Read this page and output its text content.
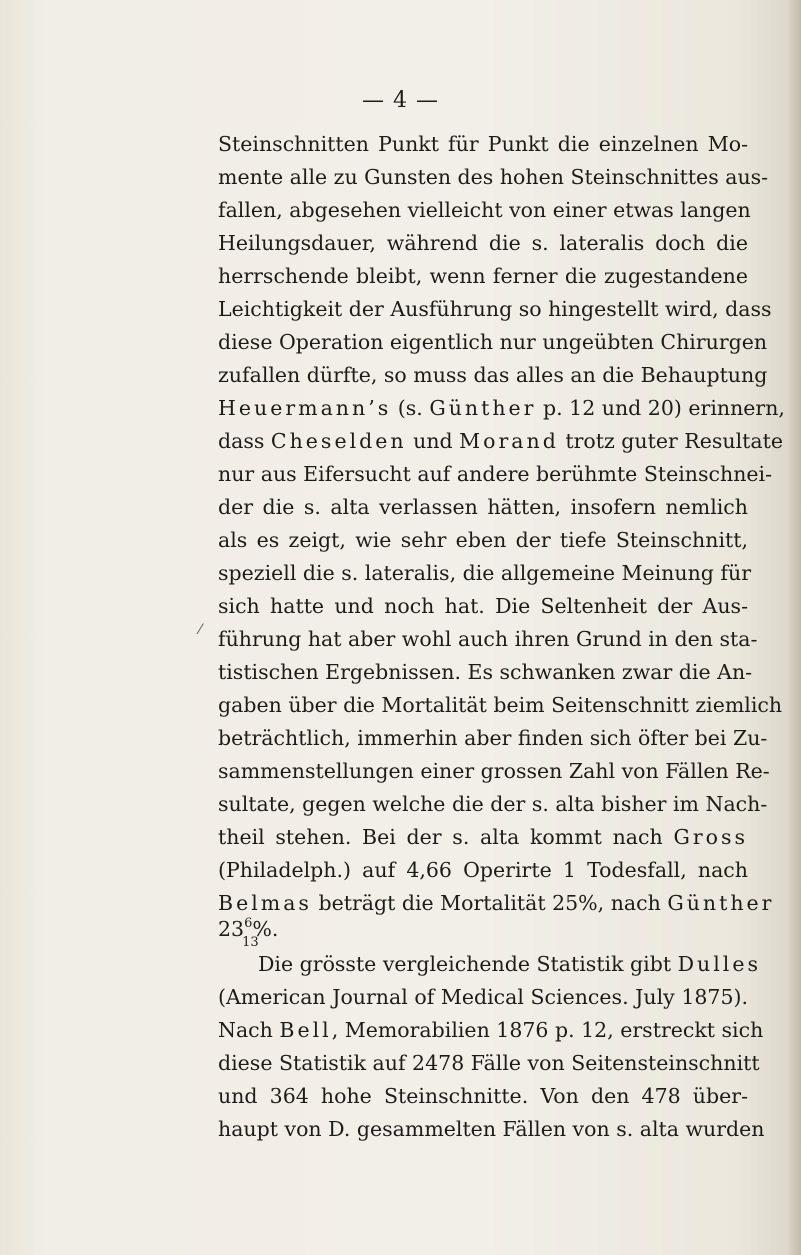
— 4 —
⁄
Steinschnitten Punkt für Punkt die einzelnen Mo-
mente alle zu Gunsten des hohen Steinschnittes aus-
fallen, abgesehen vielleicht von einer etwas langen
Heilungsdauer, während die s. lateralis doch die
herrschende bleibt, wenn ferner die zugestandene
Leichtigkeit der Ausführung so hingestellt wird, dass
diese Operation eigentlich nur ungeübten Chirurgen
zufallen dürfte, so muss das alles an die Behauptung
Heuermann’s (s. Günther p. 12 und 20) erinnern,
dass Cheselden und Morand trotz guter Resultate
nur aus Eifersucht auf andere berühmte Steinschnei-
der die s. alta verlassen hätten, insofern nemlich
als es zeigt, wie sehr eben der tiefe Steinschnitt,
speziell die s. lateralis, die allgemeine Meinung für
sich hatte und noch hat. Die Seltenheit der Aus-
führung hat aber wohl auch ihren Grund in den sta-
tistischen Ergebnissen. Es schwanken zwar die An-
gaben über die Mortalität beim Seitenschnitt ziemlich
beträchtlich, immerhin aber finden sich öfter bei Zu-
sammenstellungen einer grossen Zahl von Fällen Re-
sultate, gegen welche die der s. alta bisher im Nach-
theil stehen. Bei der s. alta kommt nach Gross
(Philadelph.) auf 4,66 Operirte 1 Todesfall, nach
Belmas beträgt die Mortalität 25%, nach Günther
236
13
%.
Die grösste vergleichende Statistik gibt Dulles
(American Journal of Medical Sciences. July 1875).
Nach Bell, Memorabilien 1876 p. 12, erstreckt sich
diese Statistik auf 2478 Fälle von Seitensteinschnitt
und 364 hohe Steinschnitte. Von den 478 über-
haupt von D. gesammelten Fällen von s. alta wurden
